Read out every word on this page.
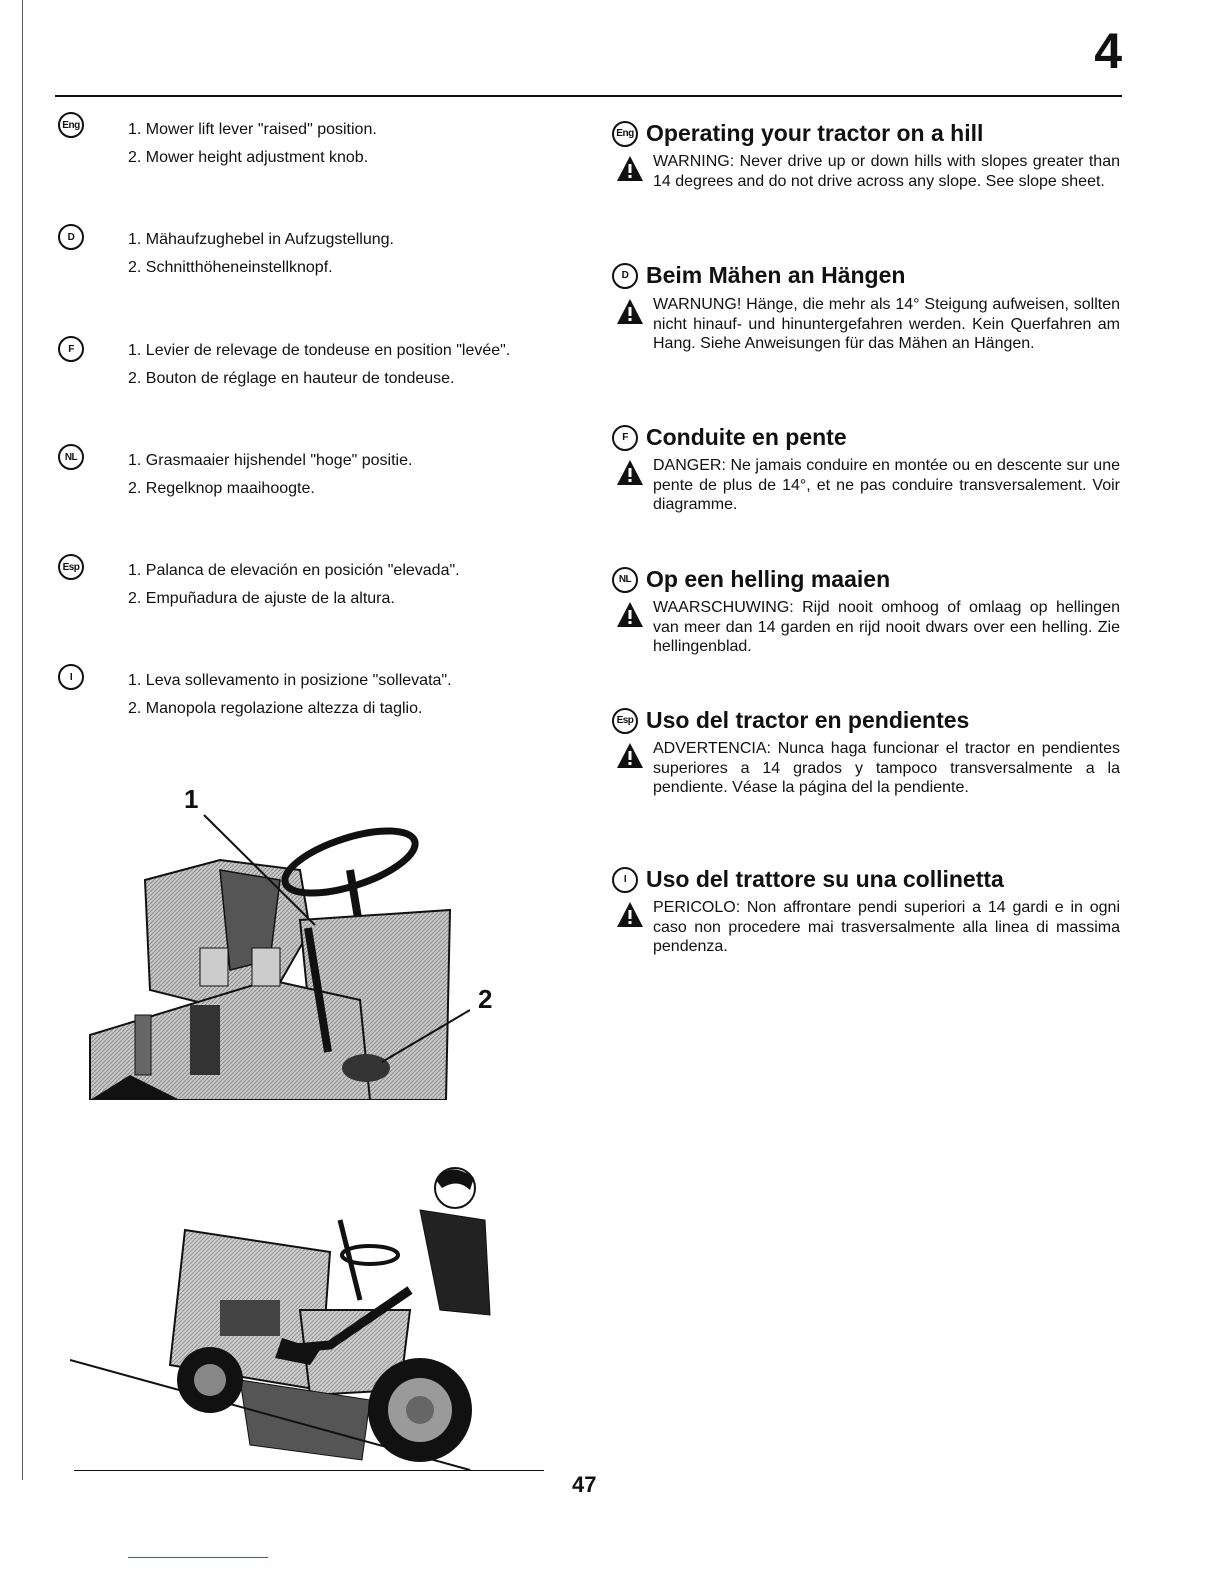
4
Eng	1. Mower lift lever "raised" position.
2. Mower height adjustment knob.
D	1. Mähaufzughebel in Aufzugstellung.
2. Schnitthöheneinstellknopf.
F	1. Levier de relevage de tondeuse en position "levée".
2. Bouton de réglage en hauteur de tondeuse.
NL	1. Grasmaaier hijshendel "hoge" positie.
2. Regelknop maaihoogte.
Esp	1. Palanca de elevación en posición "elevada".
2. Empuñadura de ajuste de la altura.
I	1. Leva sollevamento in posizione "sollevata".
2. Manopola regolazione altezza di taglio.
Eng Operating your tractor on a hill
WARNING: Never drive up or down hills with slopes greater than 14 degrees and do not drive across any slope. See slope sheet.
D Beim Mähen an Hängen
WARNUNG! Hänge, die mehr als 14° Steigung aufweisen, sollten nicht hinauf- und hinuntergefahren werden. Kein Querfahren am Hang. Siehe Anweisungen für das Mähen an Hängen.
F Conduite en pente
DANGER: Ne jamais conduire en montée ou en descente sur une pente de plus de 14°, et ne pas conduire transversalement. Voir diagramme.
NL Op een helling maaien
WAARSCHUWING: Rijd nooit omhoog of omlaag op hellingen van meer dan 14 garden en rijd nooit dwars over een helling. Zie hellingenblad.
Esp Uso del tractor en pendientes
ADVERTENCIA: Nunca haga funcionar el tractor en pendientes superiores a 14 grados y tampoco transversalmente a la pendiente. Véase la página del la pendiente.
I Uso del trattore su una collinetta
PERICOLO: Non affrontare pendi superiori a 14 gardi e in ogni caso non procedere mai trasversalmente alla linea di massima pendenza.
1
2
47
